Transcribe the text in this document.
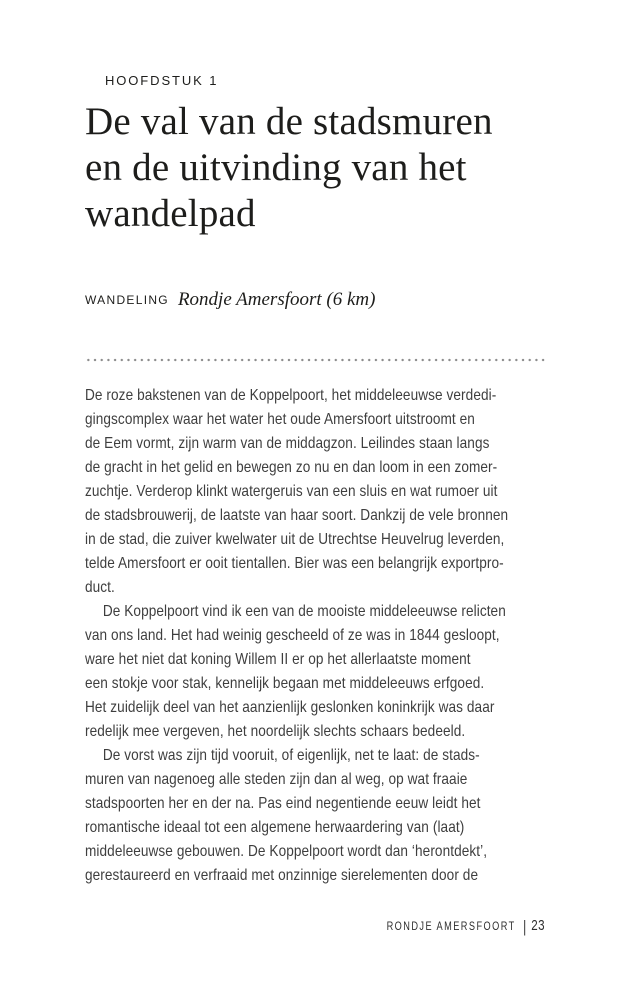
HOOFDSTUK 1
De val van de stadsmuren
en de uitvinding van het
wandelpad
WANDELING Rondje Amersfoort (6 km)
De roze bakstenen van de Koppelpoort, het middeleeuwse verdedi-
gingscomplex waar het water het oude Amersfoort uitstroomt en
de Eem vormt, zijn warm van de middagzon. Leilindes staan langs
de gracht in het gelid en bewegen zo nu en dan loom in een zomer-
zuchtje. Verderop klinkt watergeruis van een sluis en wat rumoer uit
de stadsbrouwerij, de laatste van haar soort. Dankzij de vele bronnen
in de stad, die zuiver kwelwater uit de Utrechtse Heuvelrug leverden,
telde Amersfoort er ooit tientallen. Bier was een belangrijk exportpro-
duct.
De Koppelpoort vind ik een van de mooiste middeleeuwse relicten
van ons land. Het had weinig gescheeld of ze was in 1844 gesloopt,
ware het niet dat koning Willem II er op het allerlaatste moment
een stokje voor stak, kennelijk begaan met middeleeuws erfgoed.
Het zuidelijk deel van het aanzienlijk geslonken koninkrijk was daar
redelijk mee vergeven, het noordelijk slechts schaars bedeeld.
De vorst was zijn tijd vooruit, of eigenlijk, net te laat: de stads-
muren van nagenoeg alle steden zijn dan al weg, op wat fraaie
stadspoorten her en der na. Pas eind negentiende eeuw leidt het
romantische ideaal tot een algemene herwaardering van (laat)
middeleeuwse gebouwen. De Koppelpoort wordt dan ‘herontdekt’,
gerestaureerd en verfraaid met onzinnige sierelementen door de
RONDJE AMERSFOORT | 23
